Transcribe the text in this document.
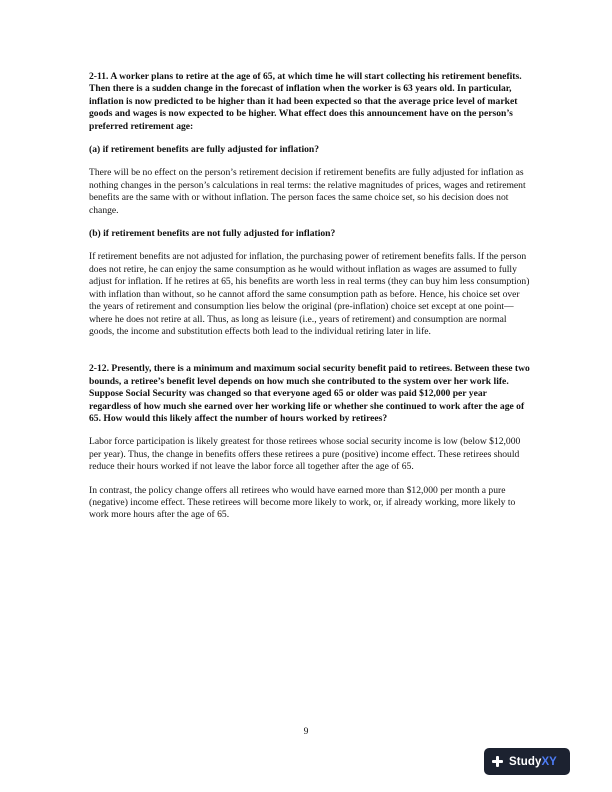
2-11. A worker plans to retire at the age of 65, at which time he will start collecting his retirement benefits. Then there is a sudden change in the forecast of inflation when the worker is 63 years old. In particular, inflation is now predicted to be higher than it had been expected so that the average price level of market goods and wages is now expected to be higher. What effect does this announcement have on the person’s preferred retirement age:

(a) if retirement benefits are fully adjusted for inflation?

There will be no effect on the person’s retirement decision if retirement benefits are fully adjusted for inflation as nothing changes in the person’s calculations in real terms: the relative magnitudes of prices, wages and retirement benefits are the same with or without inflation. The person faces the same choice set, so his decision does not change.

(b) if retirement benefits are not fully adjusted for inflation?

If retirement benefits are not adjusted for inflation, the purchasing power of retirement benefits falls. If the person does not retire, he can enjoy the same consumption as he would without inflation as wages are assumed to fully adjust for inflation. If he retires at 65, his benefits are worth less in real terms (they can buy him less consumption) with inflation than without, so he cannot afford the same consumption path as before. Hence, his choice set over the years of retirement and consumption lies below the original (pre-inflation) choice set except at one point—where he does not retire at all. Thus, as long as leisure (i.e., years of retirement) and consumption are normal goods, the income and substitution effects both lead to the individual retiring later in life.

2-12. Presently, there is a minimum and maximum social security benefit paid to retirees. Between these two bounds, a retiree’s benefit level depends on how much she contributed to the system over her work life. Suppose Social Security was changed so that everyone aged 65 or older was paid $12,000 per year regardless of how much she earned over her working life or whether she continued to work after the age of 65. How would this likely affect the number of hours worked by retirees?

Labor force participation is likely greatest for those retirees whose social security income is low (below $12,000 per year). Thus, the change in benefits offers these retirees a pure (positive) income effect. These retirees should reduce their hours worked if not leave the labor force all together after the age of 65.

In contrast, the policy change offers all retirees who would have earned more than $12,000 per month a pure (negative) income effect. These retirees will become more likely to work, or, if already working, more likely to work more hours after the age of 65.

9
Study XY
